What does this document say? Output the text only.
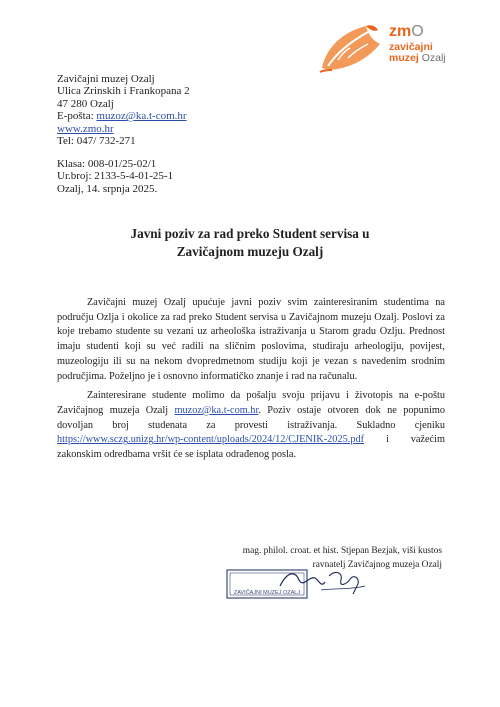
zmO
zavičajni
muzej Ozalj
Zavičajni muzej Ozalj
Ulica Zrinskih i Frankopana 2
47 280 Ozalj
E-pošta: muzoz@ka.t-com.hr
www.zmo.hr
Tel: 047/ 732-271
Klasa: 008-01/25-02/1
Ur.broj: 2133-5-4-01-25-1
Ozalj, 14. srpnja 2025.
Javni poziv za rad preko Student servisa u
Zavičajnom muzeju Ozalj

Zavičajni muzej Ozalj upućuje javni poziv svim zainteresiranim studentima na području Ozlja i okolice za rad preko Student servisa u Zavičajnom muzeju Ozalj. Poslovi za koje trebamo studente su vezani uz arheološka istraživanja u Starom gradu Ozlju. Prednost imaju studenti koji su već radili na sličnim poslovima, studiraju arheologiju, povijest, muzeologiju ili su na nekom dvopredmetnom studiju koji je vezan s navedenim srodnim područjima. Poželjno je i osnovno informatičko znanje i rad na računalu.

Zainteresirane studente molimo da pošalju svoju prijavu i životopis na e-poštu Zavičajnog muzeja Ozalj muzoz@ka.t-com.hr. Poziv ostaje otvoren dok ne popunimo dovoljan broj studenata za provesti istraživanja. Sukladno cjeniku https://www.sczg.unizg.hr/wp-content/uploads/2024/12/CJENIK-2025.pdf i važećim zakonskim odredbama vršit će se isplata odrađenog posla.

mag. philol. croat. et hist. Stjepan Bezjak, viši kustos
ravnatelj Zavičajnog muzeja Ozalj
ZAVIČAJNI MUZEJ OZALJ
